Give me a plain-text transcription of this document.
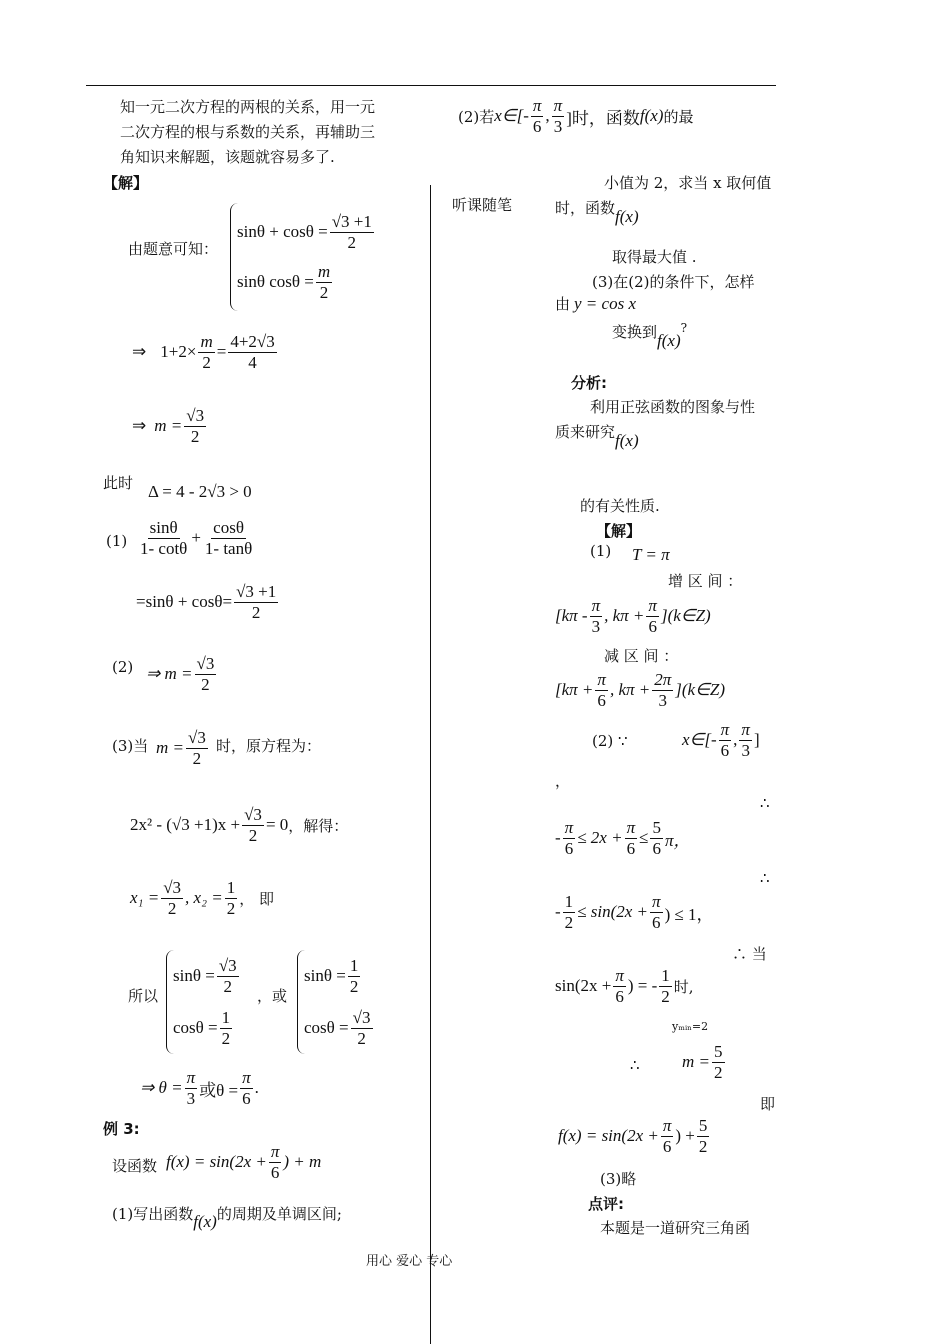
知一元二次方程的两根的关系，用一元
二次方程的根与系数的关系，再辅助三
角知识来解题，该题就容易多了.
【解】
由题意可知：
$\sin\theta + \cos\theta = \frac{√3 +1}{2}$
sinθ $\cos\theta = \frac{m}{2}$
⇒ $1+2\times \frac{m}{2} = \frac{4+2√3}{4}$
⇒ $m = \frac{√3}{2}$
此时 Δ = 4 - 2√3 > 0
$(1) \frac{\sin\theta}{1- \cot\theta} + \frac{\cos\theta}{1- \tan\theta}$
= $\sin\theta + \cos\theta = \frac{√3 +1}{2}$
(2) ⇒ $m = \frac{√3}{2}$
(3)当 $m = \frac{√3}{2}$ 时，原方程为：
$2x^2 - (√3 +1)x + \frac{√3}{2} = 0$ ，解得：
$x_1 = \frac{√3}{2}$ , $x_2 = \frac{1}{2}$ ， 即
所以
$\sin\theta = \frac{√3}{2}$
$\cos\theta = \frac{1}{2}$
，或
$\sin\theta = \frac{1}{2}$
$\cos\theta = \frac{√3}{2}$
⇒ $\theta = \frac{\pi}{3}$ 或$\theta = \frac{\pi}{6}$ .
例 3:
设函数 $f(x) = \sin(2x + \frac{\pi}{6}$ ) + m
(1)写出函数 f(x) 的周期及单调区间;
听课随笔
(2)若 x∈[- $\frac{\pi}{6}$ , $\frac{\pi}{3}$ ]时，函数 f(x) 的最
小值为 2，求当 x 取何值
时，函数 f(x)
取得最大值 .
(3)在(2)的条件下，怎样
由 y = cos x
变换到 f(x)
?
分析:
利用正弦函数的图象与性
质来研究 f(x)
的有关性质.
【解】
(1) T = π
增 区 间 ：
[$k\pi - \frac{\pi}{3}$ , $k\pi + \frac{\pi}{6}$ ](k∈Z)
减 区 间 ：
[$k\pi + \frac{\pi}{6}$ , $k\pi + \frac{2\pi}{3}$ ](k∈Z)
(2) ∵	x∈[- $\frac{\pi}{6}$ , $\frac{\pi}{3}$ ]
，
∴
- $\frac{\pi}{6} \le 2x + \frac{\pi}{6} \le \frac{5}{6}$ π，
∴
- $\frac{1}{2} \le \sin(2x + \frac{\pi}{6}$ ) ≤ 1，
∴ 当
$\sin(2x + \frac{\pi}{6}$ ) = - $\frac{1}{2}$ 时,
yₘᵢₙ=2
∴ $m = \frac{5}{2}$
即
$f(x) = \sin(2x + \frac{\pi}{6}$ ) + $\frac{5}{2}$
(3)略
点评:
本题是一道研究三角函
用心 爱心 专心
